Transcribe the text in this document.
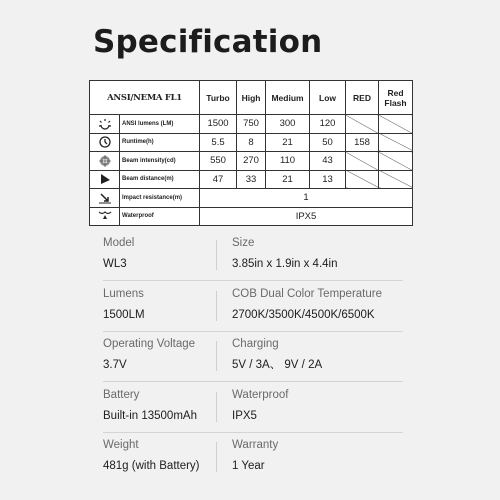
Specification
ANSI/NEMA FL1		Turbo	High	Medium	Low	RED	Red Flash
	ANSI lumens (LM)	1500	750	300	120		
	Runtime(h)	5.5	8	21	50	158	
	Beam intensity(cd)	550	270	110	43		
	Beam distance(m)	47	33	21	13		
	Impact resistance(m)	1					
	Waterproof	IPX5					
Model
WL3
Size
3.85in x 1.9in x 4.4in
Lumens
1500LM
COB Dual Color Temperature
2700K/3500K/4500K/6500K
Operating Voltage
3.7V
Charging
5V / 3A、 9V / 2A
Battery
Built-in 13500mAh
Waterproof
IPX5
Weight
481g (with Battery)
Warranty
1 Year
